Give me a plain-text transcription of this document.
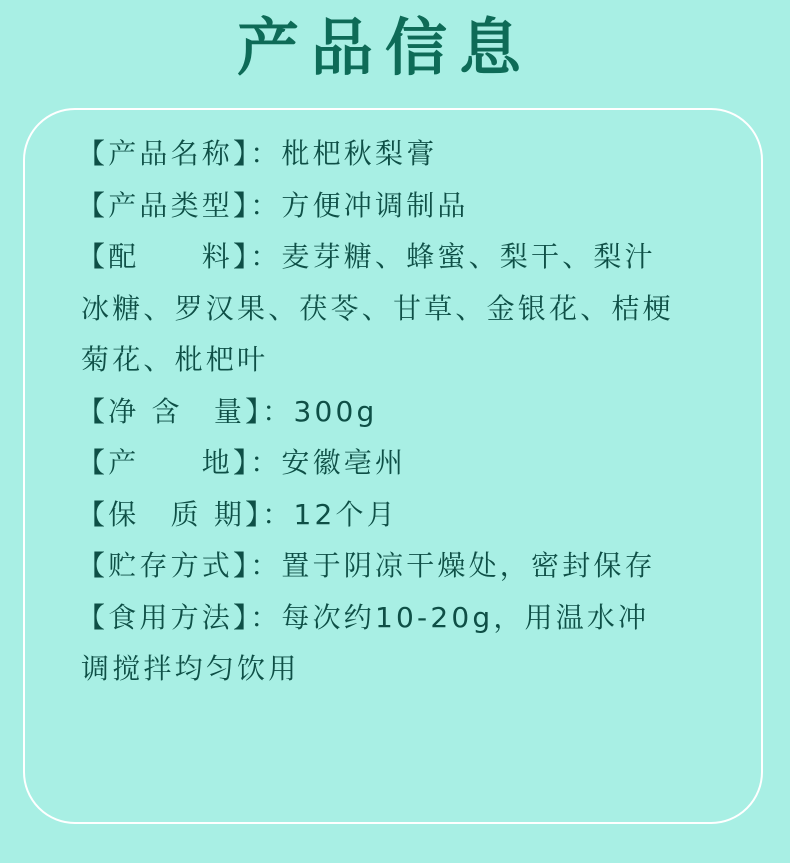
产品信息
【产品名称】：枇杷秋梨膏
【产品类型】：方便冲调制品
【配　　料】：麦芽糖、蜂蜜、梨干、梨汁
冰糖、罗汉果、茯苓、甘草、金银花、桔梗
菊花、枇杷叶
【净 含　量】：300g
【产　　地】：安徽亳州
【保　质 期】：12个月
【贮存方式】：置于阴凉干燥处，密封保存
【食用方法】：每次约10-20g，用温水冲
调搅拌均匀饮用
